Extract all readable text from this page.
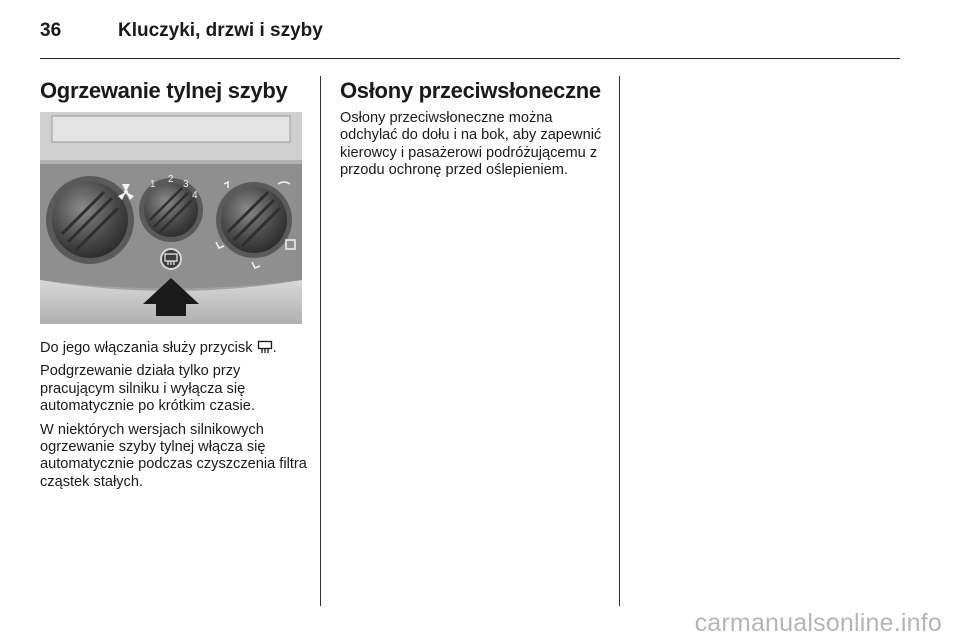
36	Kluczyki, drzwi i szyby
Ogrzewanie tylnej szyby
1 2 3
4

Do jego włączania służy przycisk .

Podgrzewanie działa tylko przy pracującym silniku i wyłącza się automatycznie po krótkim czasie.

W niektórych wersjach silnikowych ogrzewanie szyby tylnej włącza się automatycznie podczas czyszczenia filtra cząstek stałych.

Osłony przeciwsłoneczne

Osłony przeciwsłoneczne można odchylać do dołu i na bok, aby zapewnić kierowcy i pasażerowi podróżującemu z przodu ochronę przed oślepieniem.

carmanualsonline.info
